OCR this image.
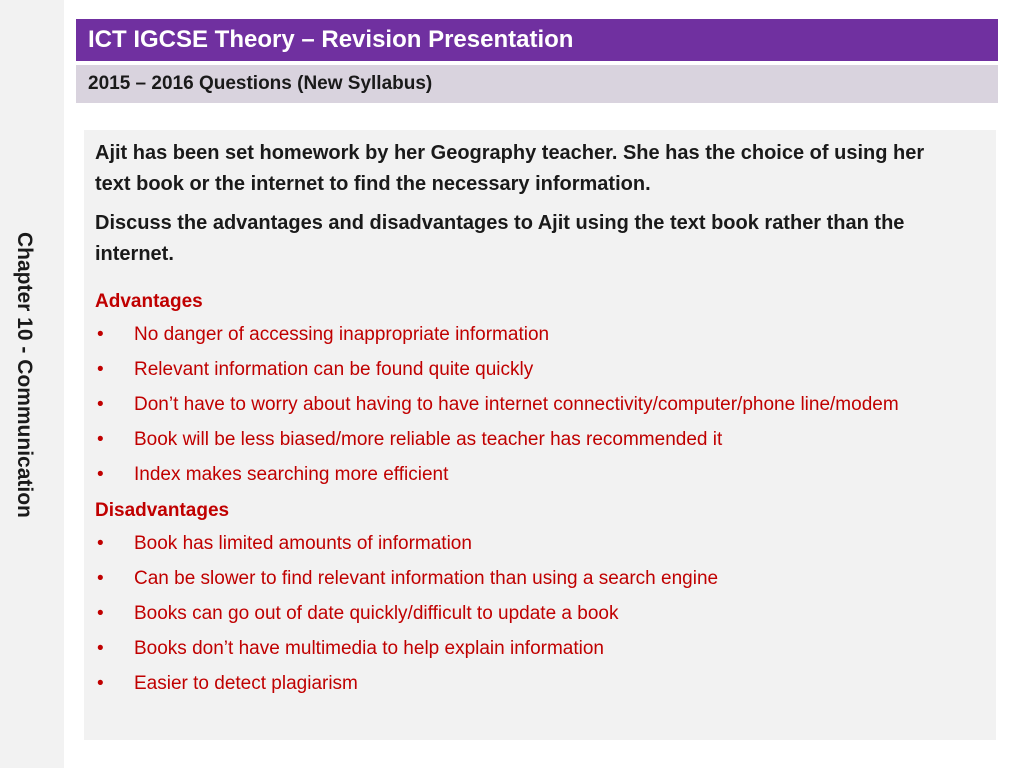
Chapter 10 - Communication
ICT IGCSE Theory – Revision Presentation
2015 – 2016 Questions (New Syllabus)

Ajit has been set homework by her Geography teacher. She has the choice of using her text book or the internet to find the necessary information.

Discuss the advantages and disadvantages to Ajit using the text book rather than the internet.

Advantages
• No danger of accessing inappropriate information
• Relevant information can be found quite quickly
• Don’t have to worry about having to have internet connectivity/computer/phone line/modem
• Book will be less biased/more reliable as teacher has recommended it
• Index makes searching more efficient
Disadvantages
• Book has limited amounts of information
• Can be slower to find relevant information than using a search engine
• Books can go out of date quickly/difficult to update a book
• Books don’t have multimedia to help explain information
• Easier to detect plagiarism
